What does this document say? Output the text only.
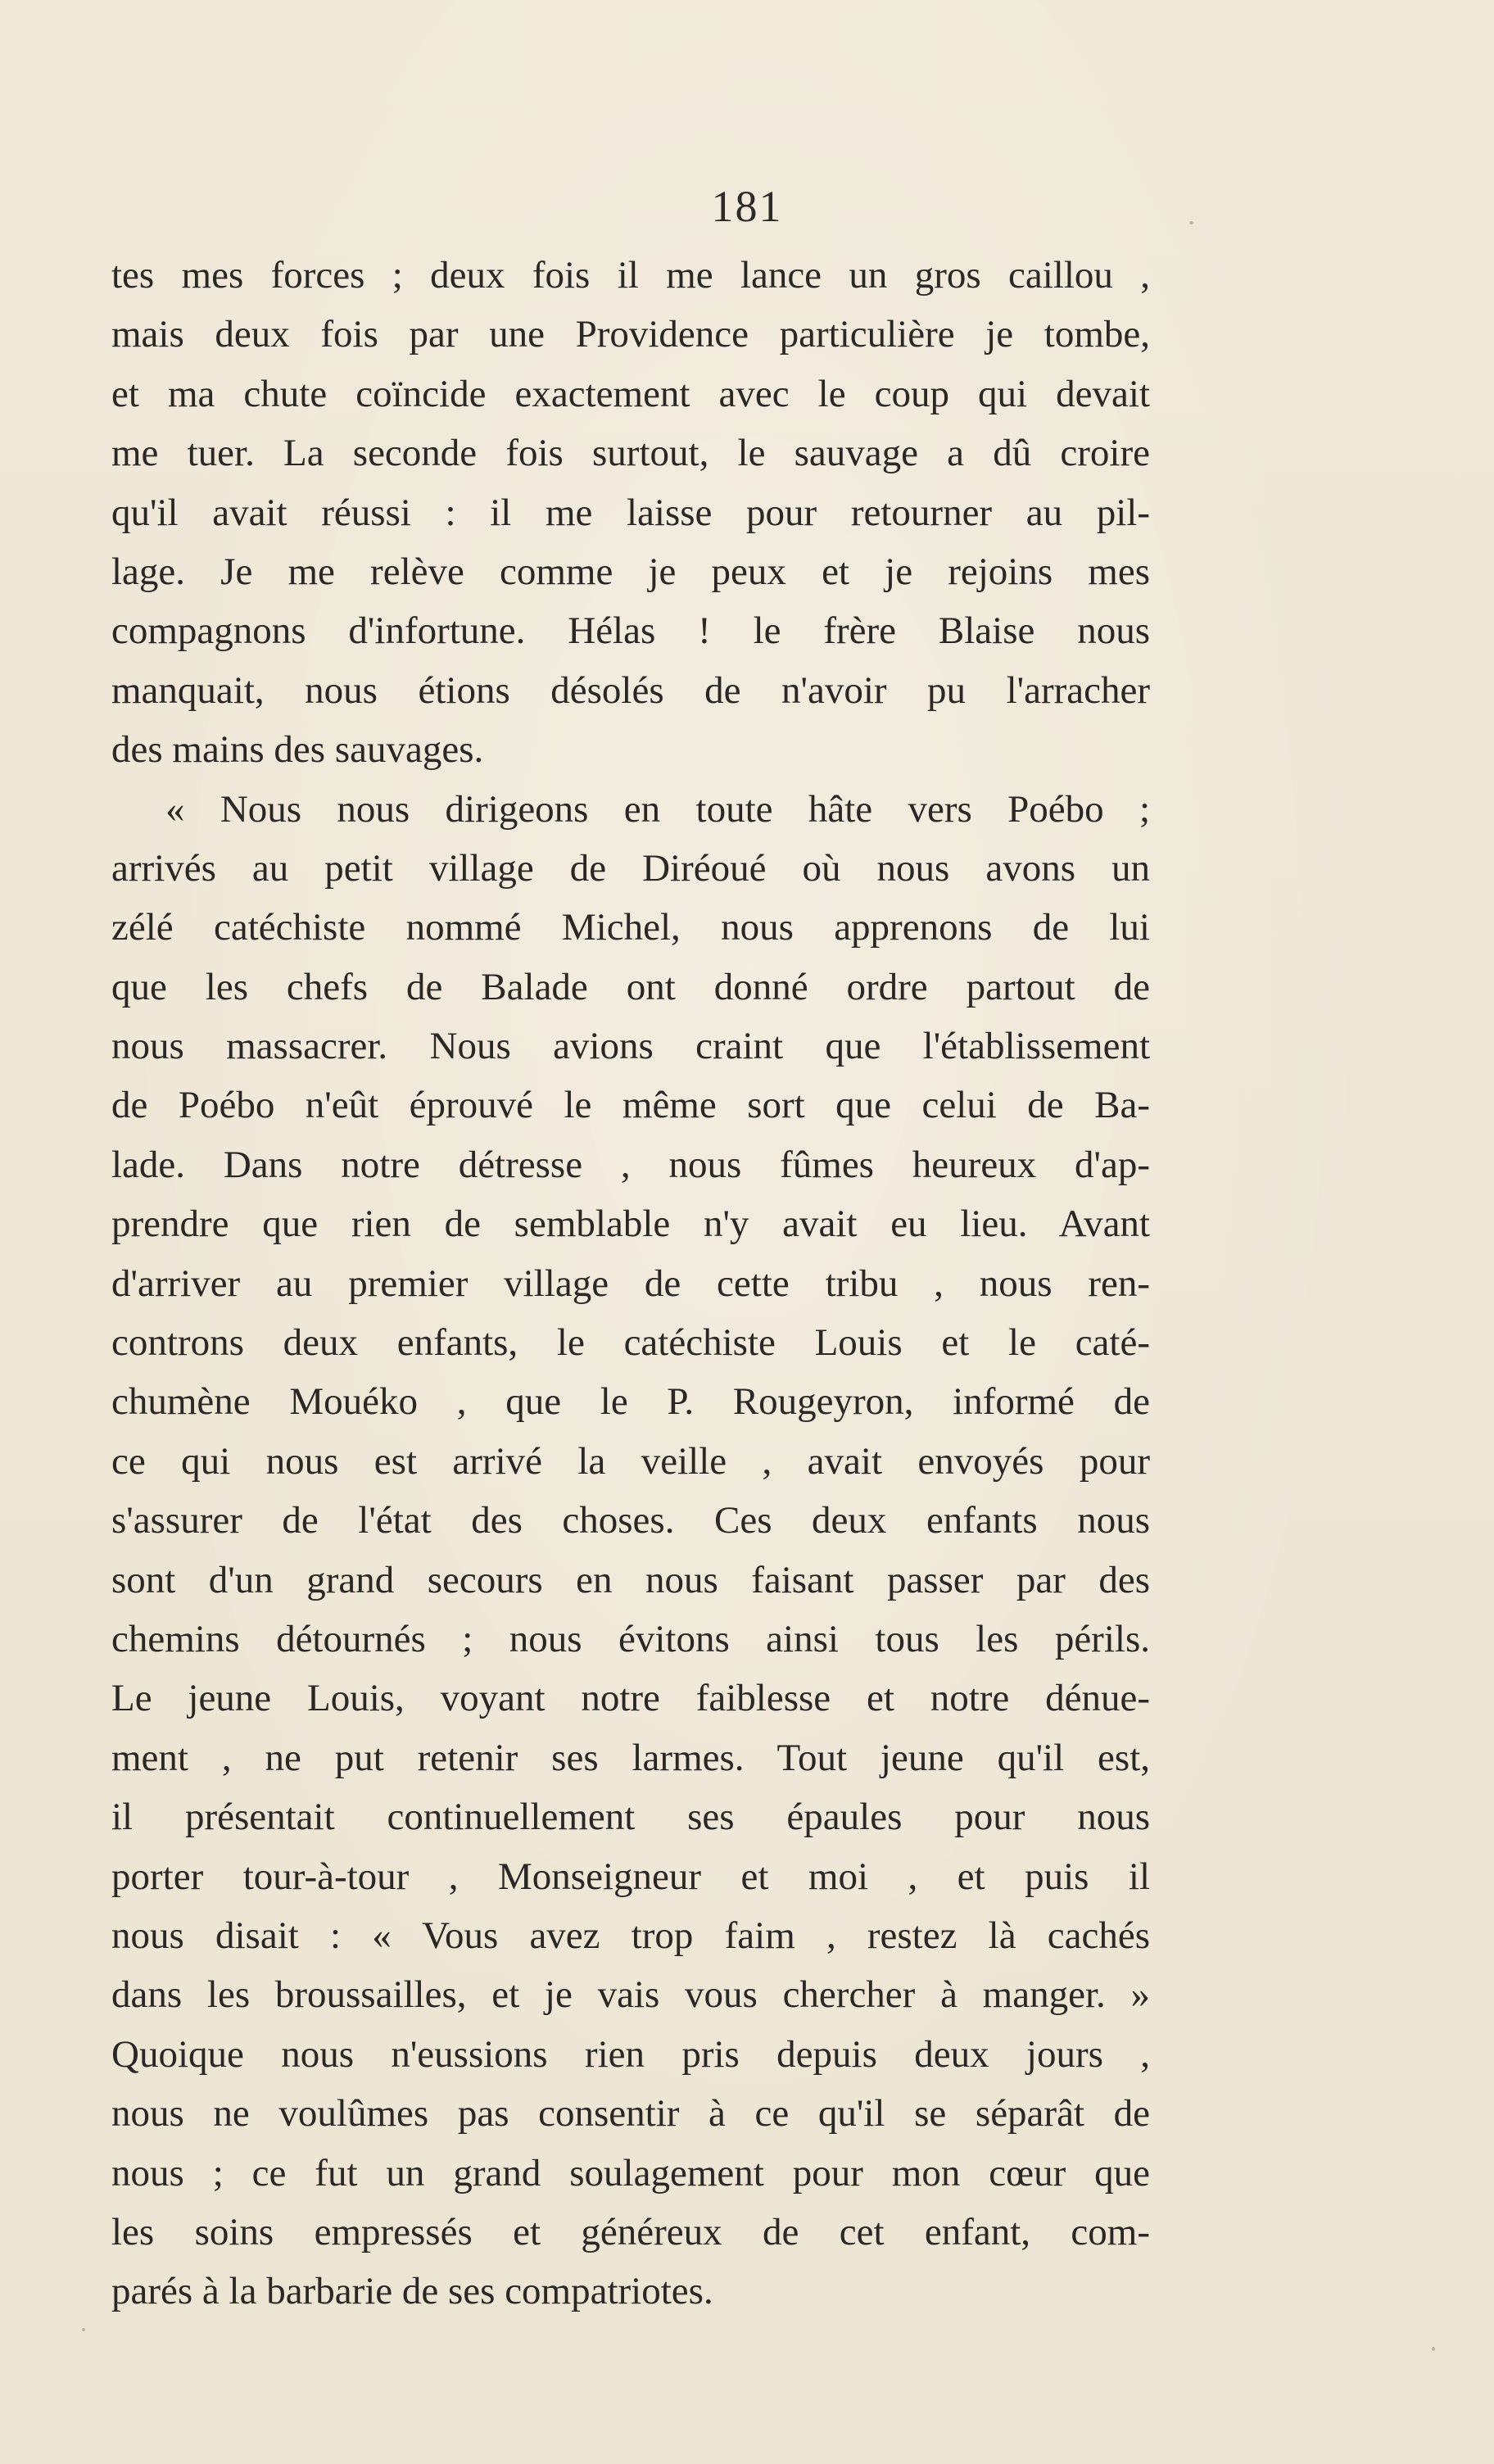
181
tes mes forces ; deux fois il me lance un gros caillou ,
mais deux fois par une Providence particulière je tombe,
et ma chute coïncide exactement avec le coup qui devait
me tuer. La seconde fois surtout, le sauvage a dû croire
qu'il avait réussi : il me laisse pour retourner au pil-
lage. Je me relève comme je peux et je rejoins mes
compagnons d'infortune. Hélas ! le frère Blaise nous
manquait, nous étions désolés de n'avoir pu l'arracher
des mains des sauvages.
« Nous nous dirigeons en toute hâte vers Poébo ;
arrivés au petit village de Diréoué où nous avons un
zélé catéchiste nommé Michel, nous apprenons de lui
que les chefs de Balade ont donné ordre partout de
nous massacrer. Nous avions craint que l'établissement
de Poébo n'eût éprouvé le même sort que celui de Ba-
lade. Dans notre détresse , nous fûmes heureux d'ap-
prendre que rien de semblable n'y avait eu lieu. Avant
d'arriver au premier village de cette tribu , nous ren-
controns deux enfants, le catéchiste Louis et le caté-
chumène Mouéko , que le P. Rougeyron, informé de
ce qui nous est arrivé la veille , avait envoyés pour
s'assurer de l'état des choses. Ces deux enfants nous
sont d'un grand secours en nous faisant passer par des
chemins détournés ; nous évitons ainsi tous les périls.
Le jeune Louis, voyant notre faiblesse et notre dénue-
ment , ne put retenir ses larmes. Tout jeune qu'il est,
il présentait continuellement ses épaules pour nous
porter tour-à-tour , Monseigneur et moi , et puis il
nous disait : « Vous avez trop faim , restez là cachés
dans les broussailles, et je vais vous chercher à manger. »
Quoique nous n'eussions rien pris depuis deux jours ,
nous ne voulûmes pas consentir à ce qu'il se séparât de
nous ; ce fut un grand soulagement pour mon cœur que
les soins empressés et généreux de cet enfant, com-
parés à la barbarie de ses compatriotes.
